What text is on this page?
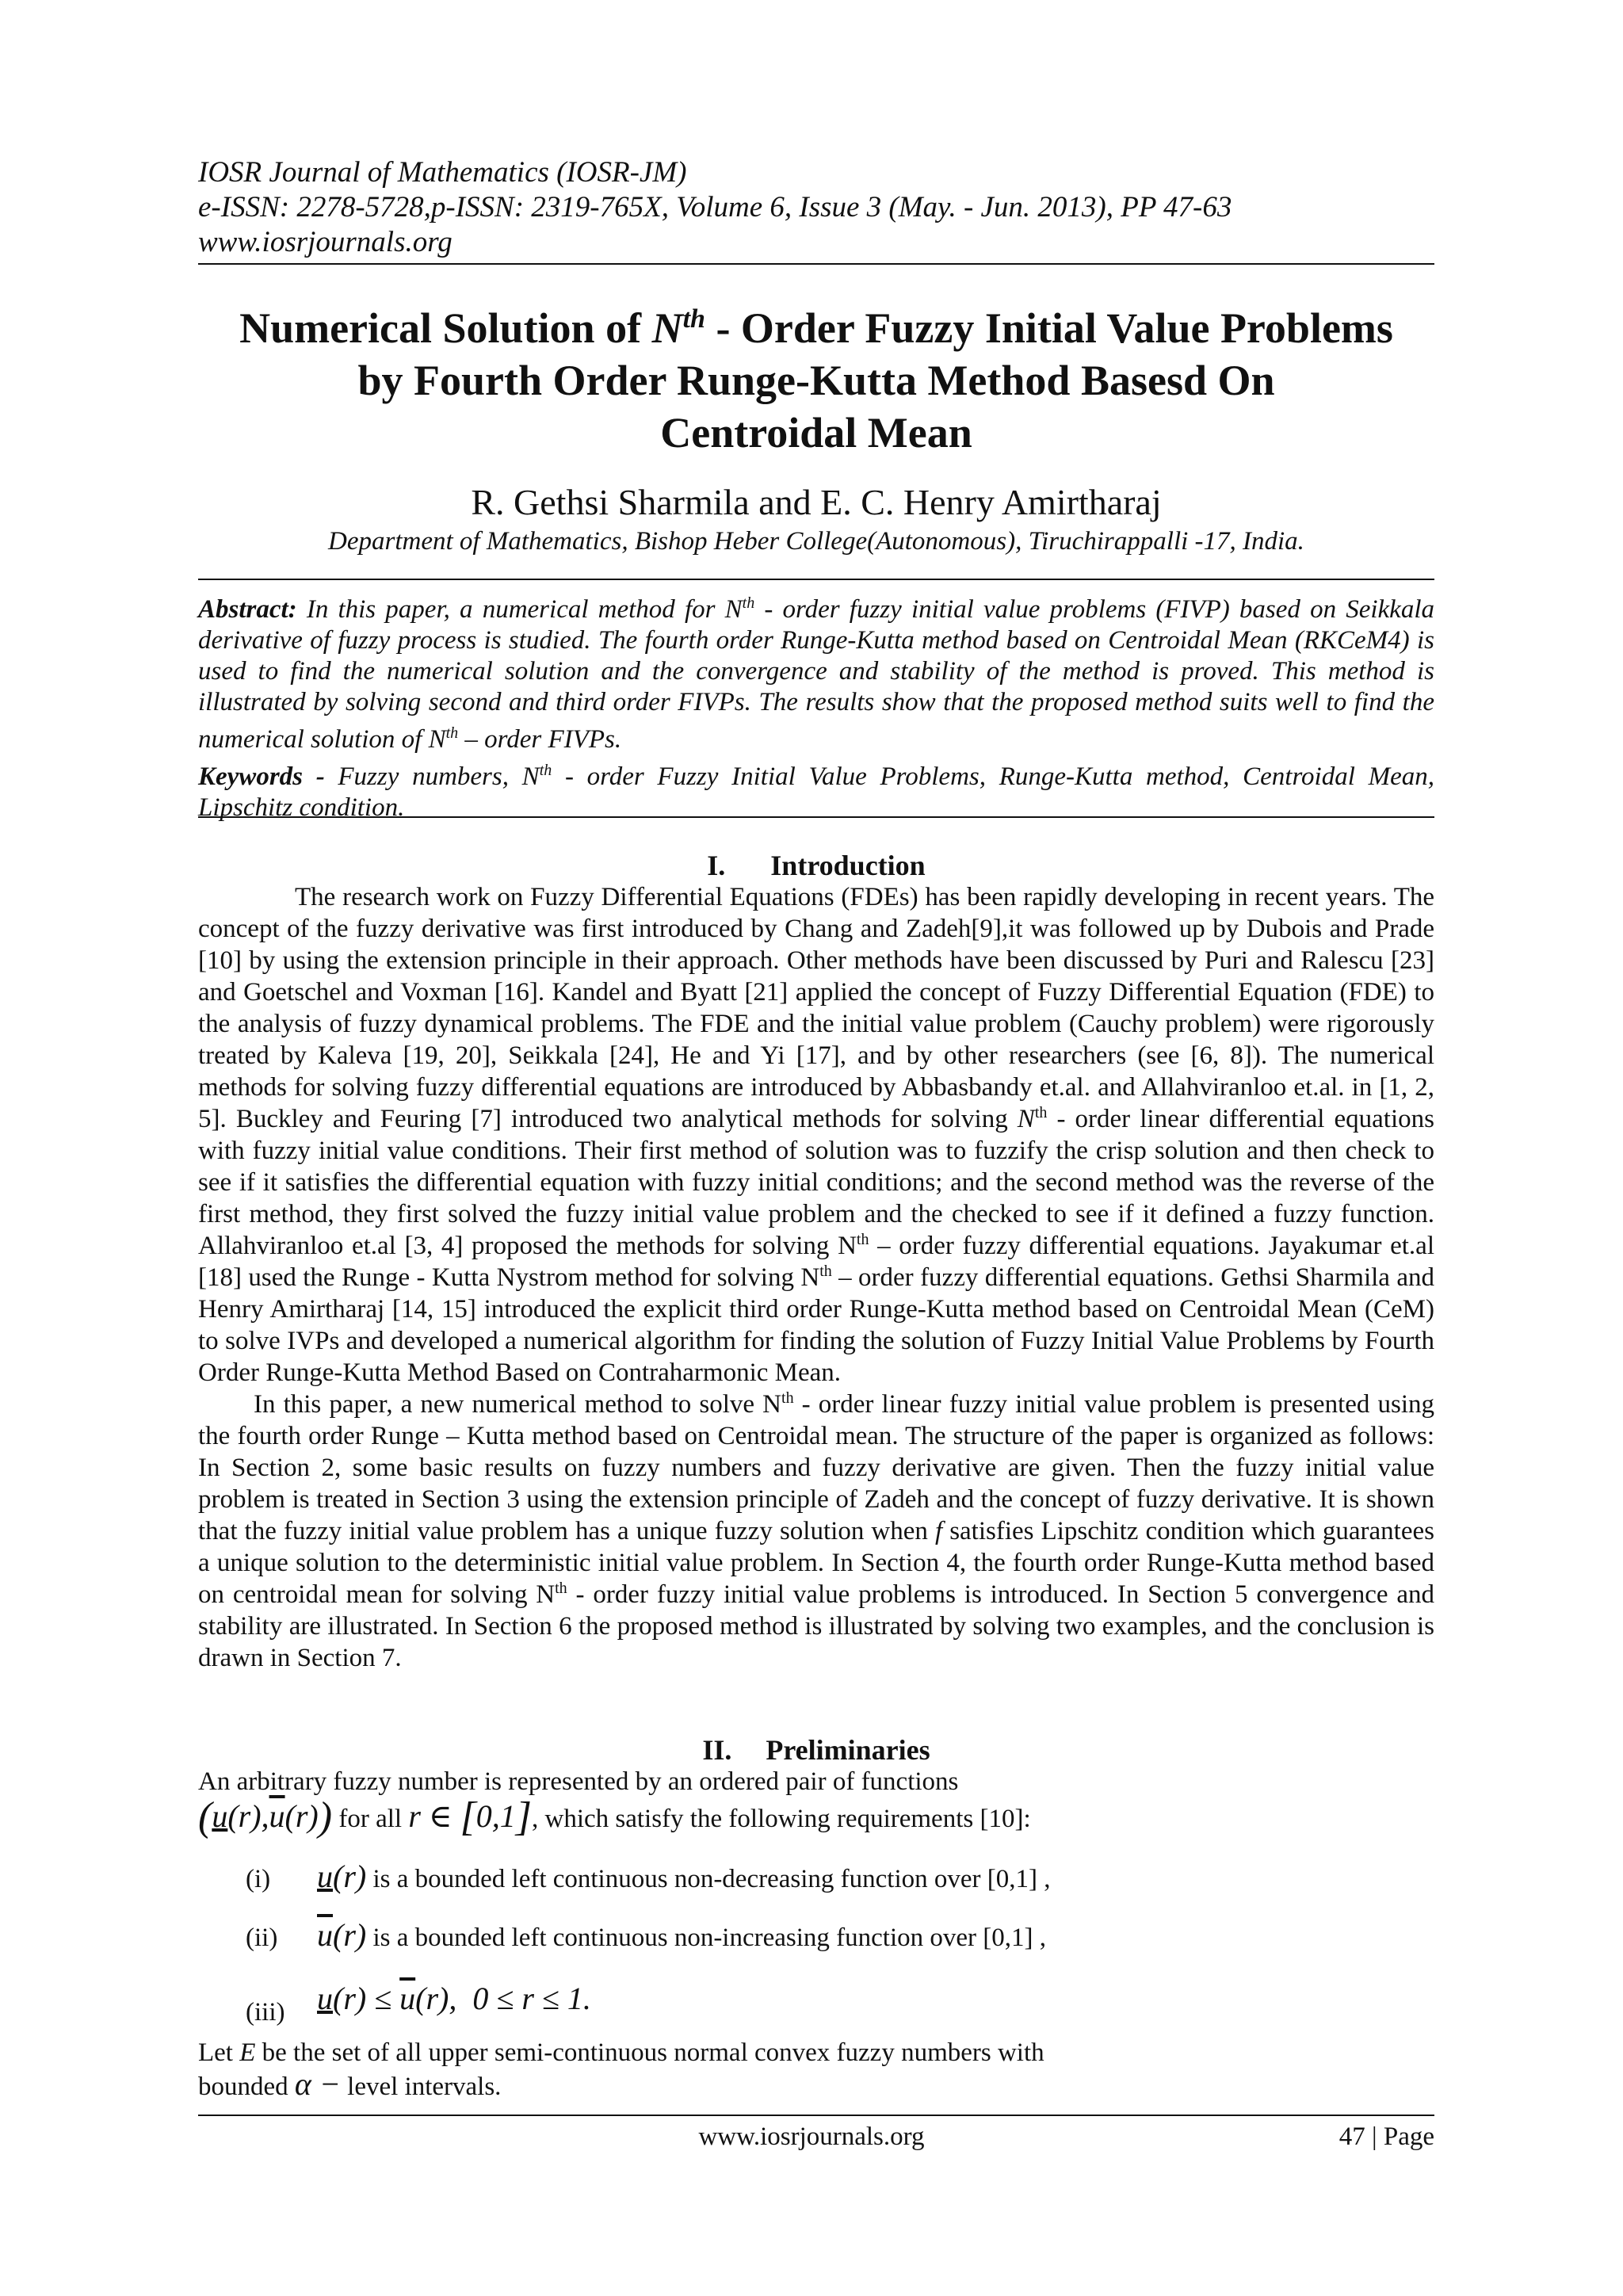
IOSR Journal of Mathematics (IOSR-JM)
e-ISSN: 2278-5728,p-ISSN: 2319-765X, Volume 6, Issue 3 (May. - Jun. 2013), PP 47-63
www.iosrjournals.org
Numerical Solution of $N^{th}$ - Order Fuzzy Initial Value Problems
by Fourth Order Runge-Kutta Method Basesd On
Centroidal Mean
R. Gethsi Sharmila and E. C. Henry Amirtharaj
Department of Mathematics, Bishop Heber College(Autonomous), Tiruchirappalli -17, India.

Abstract: In this paper, a numerical method for $N^{th}$ - order fuzzy initial value problems (FIVP) based on Seikkala derivative of fuzzy process is studied. The fourth order Runge-Kutta method based on Centroidal Mean (RKCeM4) is used to find the numerical solution and the convergence and stability of the method is proved. This method is illustrated by solving second and third order FIVPs. The results show that the proposed method suits well to find the numerical solution of $N^{th}$ – order FIVPs.

Keywords - Fuzzy numbers, $N^{th}$ - order Fuzzy Initial Value Problems, Runge-Kutta method, Centroidal Mean, Lipschitz condition.

I. Introduction

The research work on Fuzzy Differential Equations (FDEs) has been rapidly developing in recent years. The concept of the fuzzy derivative was first introduced by Chang and Zadeh[9],it was followed up by Dubois and Prade [10] by using the extension principle in their approach. Other methods have been discussed by Puri and Ralescu [23] and Goetschel and Voxman [16]. Kandel and Byatt [21] applied the concept of Fuzzy Differential Equation (FDE) to the analysis of fuzzy dynamical problems. The FDE and the initial value problem (Cauchy problem) were rigorously treated by Kaleva [19, 20], Seikkala [24], He and Yi [17], and by other researchers (see [6, 8]). The numerical methods for solving fuzzy differential equations are introduced by Abbasbandy et.al. and Allahviranloo et.al. in [1, 2, 5]. Buckley and Feuring [7] introduced two analytical methods for solving $N^{th}$ - order linear differential equations with fuzzy initial value conditions. Their first method of solution was to fuzzify the crisp solution and then check to see if it satisfies the differential equation with fuzzy initial conditions; and the second method was the reverse of the first method, they first solved the fuzzy initial value problem and the checked to see if it defined a fuzzy function. Allahviranloo et.al [3, 4] proposed the methods for solving $N^{th}$ – order fuzzy differential equations. Jayakumar et.al [18] used the Runge - Kutta Nystrom method for solving $N^{th}$ – order fuzzy differential equations. Gethsi Sharmila and Henry Amirtharaj [14, 15] introduced the explicit third order Runge-Kutta method based on Centroidal Mean (CeM) to solve IVPs and developed a numerical algorithm for finding the solution of Fuzzy Initial Value Problems by Fourth Order Runge-Kutta Method Based on Contraharmonic Mean.

In this paper, a new numerical method to solve $N^{th}$ - order linear fuzzy initial value problem is presented using the fourth order Runge – Kutta method based on Centroidal mean. The structure of the paper is organized as follows: In Section 2, some basic results on fuzzy numbers and fuzzy derivative are given. Then the fuzzy initial value problem is treated in Section 3 using the extension principle of Zadeh and the concept of fuzzy derivative. It is shown that the fuzzy initial value problem has a unique fuzzy solution when f satisfies Lipschitz condition which guarantees a unique solution to the deterministic initial value problem. In Section 4, the fourth order Runge-Kutta method based on centroidal mean for solving $N^{th}$ - order fuzzy initial value problems is introduced. In Section 5 convergence and stability are illustrated. In Section 6 the proposed method is illustrated by solving two examples, and the conclusion is drawn in Section 7.

II. Preliminaries
An arbitrary fuzzy number is represented by an ordered pair of functions
$(u(r),\overline{u}(r))$ for all r ∈ [0,1], which satisfy the following requirements [10]:
(i) u(r) is a bounded left continuous non-decreasing function over [0,1] ,
(ii) $\overline{u}(r)$ is a bounded left continuous non-increasing function over [0,1] ,
(iii) $u(r) \le \overline{u}(r)$,  0 ≤ r ≤ 1.
Let E be the set of all upper semi-continuous normal convex fuzzy numbers with
bounded α − level intervals.
www.iosrjournals.org	47 | Page
